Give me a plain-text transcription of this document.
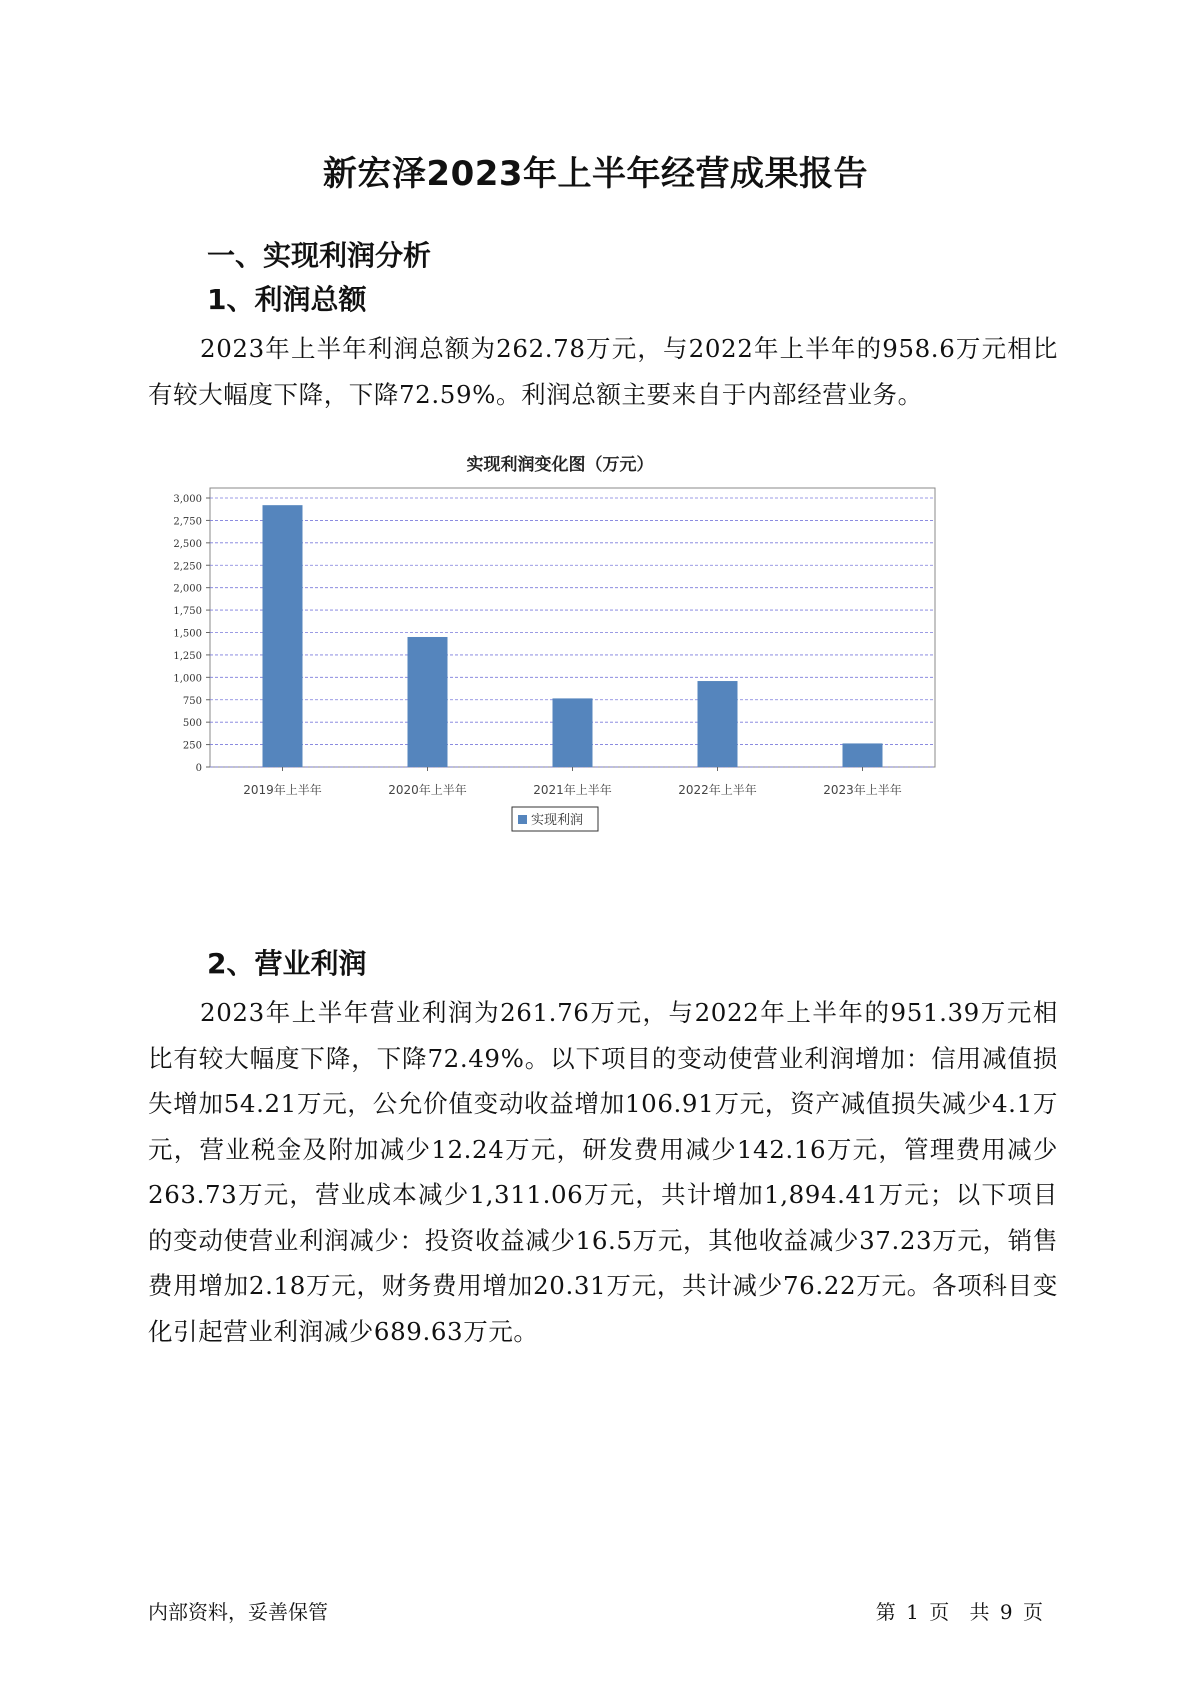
新宏泽2023年上半年经营成果报告
一、实现利润分析
1、利润总额
2023年上半年利润总额为262.78万元，与2022年上半年的958.6万元相比有较大幅度下降，下降72.59%。利润总额主要来自于内部经营业务。
实现利润变化图（万元）
0
250
500
750
1,000
1,250
1,500
1,750
2,000
2,250
2,500
2,750
3,000
2019年上半年	2020年上半年	2021年上半年	2022年上半年	2023年上半年
实现利润
2、营业利润
2023年上半年营业利润为261.76万元，与2022年上半年的951.39万元相比有较大幅度下降，下降72.49%。以下项目的变动使营业利润增加：信用减值损失增加54.21万元，公允价值变动收益增加106.91万元，资产减值损失减少4.1万元，营业税金及附加减少12.24万元，研发费用减少142.16万元，管理费用减少263.73万元，营业成本减少1,311.06万元，共计增加1,894.41万元；以下项目的变动使营业利润减少：投资收益减少16.5万元，其他收益减少37.23万元，销售费用增加2.18万元，财务费用增加20.31万元，共计减少76.22万元。各项科目变化引起营业利润减少689.63万元。
内部资料，妥善保管	第 1 页 共 9 页
